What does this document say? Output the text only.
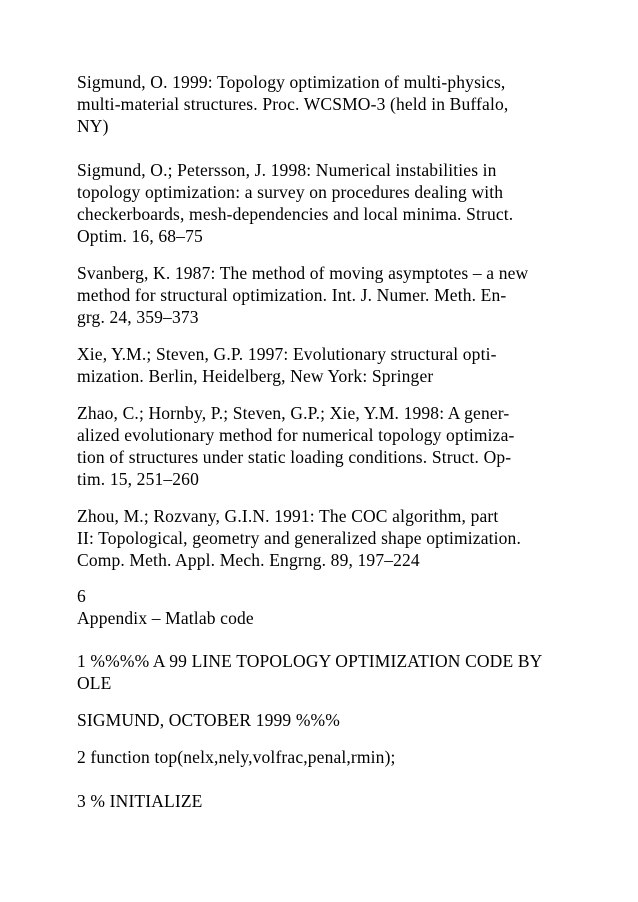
Sigmund, O. 1999: Topology optimization of multi-physics,
multi-material structures. Proc. WCSMO-3 (held in Buffalo,
NY)
Sigmund, O.; Petersson, J. 1998: Numerical instabilities in
topology optimization: a survey on procedures dealing with
checkerboards, mesh-dependencies and local minima. Struct.
Optim. 16, 68–75
Svanberg, K. 1987: The method of moving asymptotes – a new
method for structural optimization. Int. J. Numer. Meth. En-
grg. 24, 359–373
Xie, Y.M.; Steven, G.P. 1997: Evolutionary structural opti-
mization. Berlin, Heidelberg, New York: Springer
Zhao, C.; Hornby, P.; Steven, G.P.; Xie, Y.M. 1998: A gener-
alized evolutionary method for numerical topology optimiza-
tion of structures under static loading conditions. Struct. Op-
tim. 15, 251–260
Zhou, M.; Rozvany, G.I.N. 1991: The COC algorithm, part
II: Topological, geometry and generalized shape optimization.
Comp. Meth. Appl. Mech. Engrng. 89, 197–224
6
Appendix – Matlab code
1 %%%% A 99 LINE TOPOLOGY OPTIMIZATION CODE BY
OLE
SIGMUND, OCTOBER 1999 %%%
2 function top(nelx,nely,volfrac,penal,rmin);
3 % INITIALIZE
